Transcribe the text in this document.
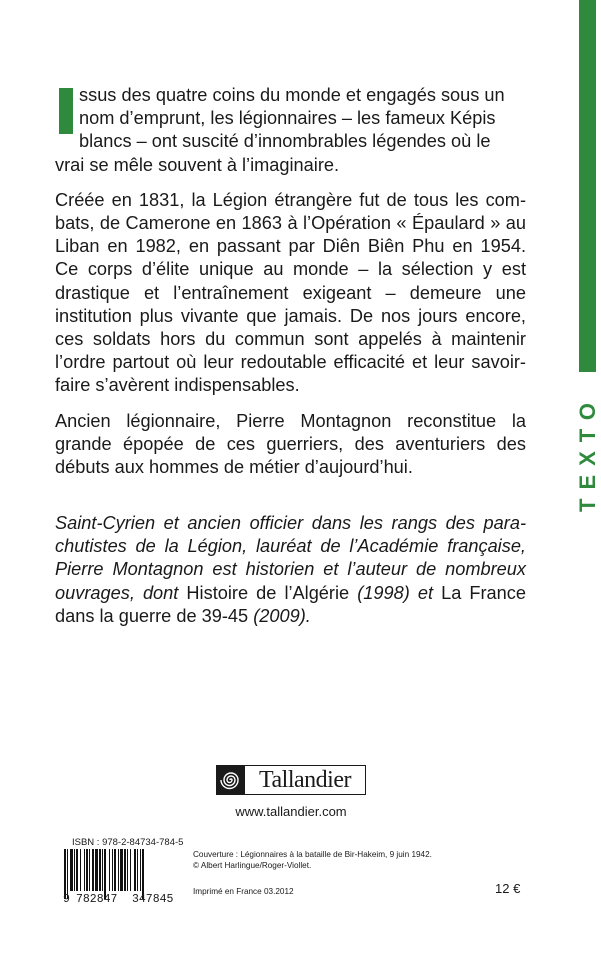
TEXTO

ssus des quatre coins du monde et engagés sous un
nom d’emprunt, les légionnaires – les fameux Képis
blancs – ont suscité d’innombrables légendes où le
vrai se mêle souvent à l’imaginaire.

Créée en 1831, la Légion étrangère fut de tous les combats, de Camerone en 1863 à l’Opération « Épaulard » au Liban en 1982, en passant par Diên Biên Phu en 1954. Ce corps d’élite unique au monde – la sélection y est drastique et l’entraînement exigeant – demeure une institution plus vivante que jamais. De nos jours encore, ces soldats hors du commun sont appelés à maintenir l’ordre partout où leur redoutable efficacité et leur savoir-faire s’avèrent indispensables.

Ancien légionnaire, Pierre Montagnon reconstitue la grande épopée de ces guerriers, des aventuriers des débuts aux hommes de métier d’aujourd’hui.

Saint-Cyrien et ancien officier dans les rangs des parachutistes de la Légion, lauréat de l’Académie française, Pierre Montagnon est historien et l’auteur de nombreux ouvrages, dont Histoire de l’Algérie (1998) et La France dans la guerre de 39-45 (2009).
Tallandier
www.tallandier.com
ISBN : 978-2-84734-784-5
9 782847 347845
Couverture : Légionnaires à la bataille de Bir-Hakeim, 9 juin 1942.
© Albert Harlingue/Roger-Viollet.
Imprimé en France 03.2012	12 €
